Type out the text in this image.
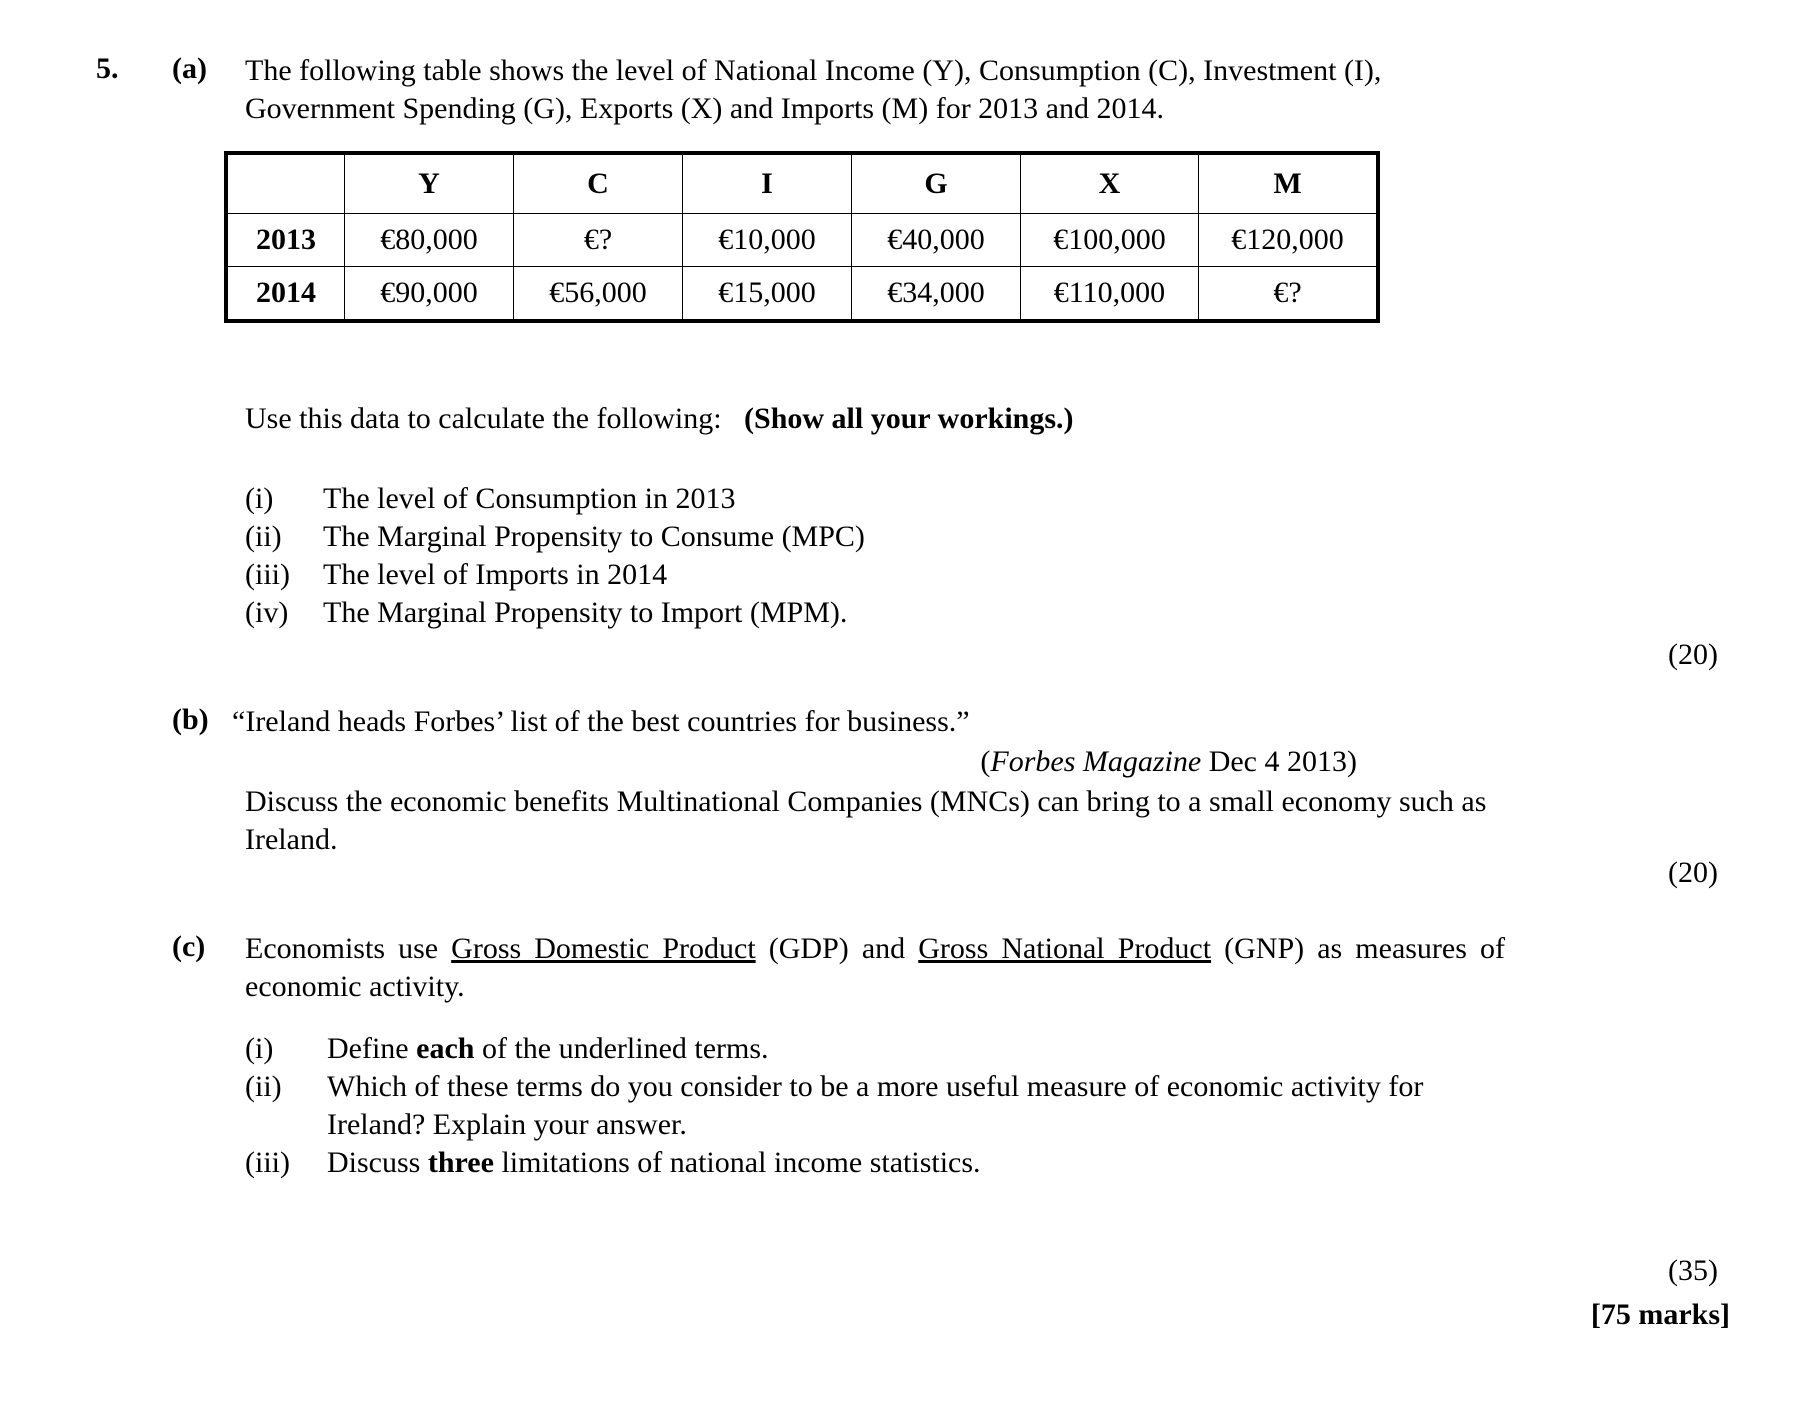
5. (a) The following table shows the level of National Income (Y), Consumption (C), Investment (I), Government Spending (G), Exports (X) and Imports (M) for 2013 and 2014.
	Y	C	I	G	X	M
2013	€80,000	€?	€10,000	€40,000	€100,000	€120,000
2014	€90,000	€56,000	€15,000	€34,000	€110,000	€?
Use this data to calculate the following: (Show all your workings.)
(i)	The level of Consumption in 2013
(ii)	The Marginal Propensity to Consume (MPC)
(iii)	The level of Imports in 2014
(iv)	The Marginal Propensity to Import (MPM).
(20)
(b) “Ireland heads Forbes’ list of the best countries for business.”
(Forbes Magazine Dec 4 2013)
Discuss the economic benefits Multinational Companies (MNCs) can bring to a small economy such as Ireland.
(20)
(c) Economists use Gross Domestic Product (GDP) and Gross National Product (GNP) as measures of economic activity.
(i)	Define each of the underlined terms.
(ii)	Which of these terms do you consider to be a more useful measure of economic activity for Ireland? Explain your answer.
(iii)	Discuss three limitations of national income statistics.
(35)
[75 marks]
